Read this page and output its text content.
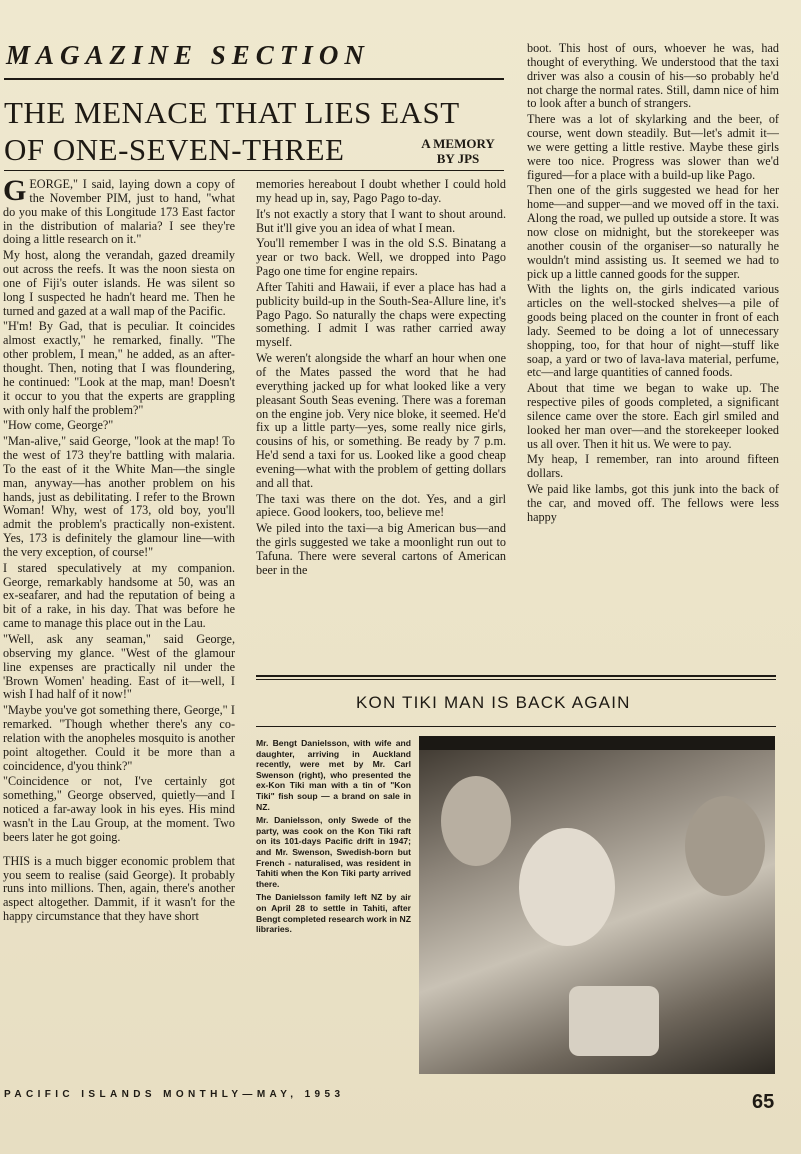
MAGAZINE SECTION
THE MENACE THAT LIES EAST
OF ONE-SEVEN-THREE	A MEMORY
BY JPS

GEORGE," I said, laying down a copy of the November PIM, just to hand, "what do you make of this Longitude 173 East factor in the distribution of malaria? I see they're doing a little research on it."

My host, along the verandah, gazed dreamily out across the reefs. It was the noon siesta on one of Fiji's outer islands. He was silent so long I suspected he hadn't heard me. Then he turned and gazed at a wall map of the Pacific.

"H'm! By Gad, that is peculiar. It coincides almost exactly," he remarked, finally. "The other problem, I mean," he added, as an after-thought. Then, noting that I was floundering, he continued: "Look at the map, man! Doesn't it occur to you that the experts are grappling with only half the problem?"

"How come, George?"

"Man-alive," said George, "look at the map! To the west of 173 they're battling with malaria. To the east of it the White Man—the single man, anyway—has another problem on his hands, just as debilitating. I refer to the Brown Woman! Why, west of 173, old boy, you'll admit the problem's practically non-existent. Yes, 173 is definitely the glamour line—with the very exception, of course!"

I stared speculatively at my companion. George, remarkably handsome at 50, was an ex-seafarer, and had the reputation of being a bit of a rake, in his day. That was before he came to manage this place out in the Lau.

"Well, ask any seaman," said George, observing my glance. "West of the glamour line expenses are practically nil under the 'Brown Women' heading. East of it—well, I wish I had half of it now!"

"Maybe you've got something there, George," I remarked. "Though whether there's any co-relation with the anopheles mosquito is another point altogether. Could it be more than a coincidence, d'you think?"

"Coincidence or not, I've certainly got something," George observed, quietly—and I noticed a far-away look in his eyes. His mind wasn't in the Lau Group, at the moment. Two beers later he got going.

THIS is a much bigger economic problem that you seem to realise (said George). It probably runs into millions. Then, again, there's another aspect altogether. Dammit, if it wasn't for the happy circumstance that they have short

memories hereabout I doubt whether I could hold my head up in, say, Pago Pago to-day.

It's not exactly a story that I want to shout around. But it'll give you an idea of what I mean.

You'll remember I was in the old S.S. Binatang a year or two back. Well, we dropped into Pago Pago one time for engine repairs.

After Tahiti and Hawaii, if ever a place has had a publicity build-up in the South-Sea-Allure line, it's Pago Pago. So naturally the chaps were expecting something. I admit I was rather carried away myself.

We weren't alongside the wharf an hour when one of the Mates passed the word that he had everything jacked up for what looked like a very pleasant South Seas evening. There was a foreman on the engine job. Very nice bloke, it seemed. He'd fix up a little party—yes, some really nice girls, cousins of his, or something. Be ready by 7 p.m. He'd send a taxi for us. Looked like a good cheap evening—what with the problem of getting dollars and all that.

The taxi was there on the dot. Yes, and a girl apiece. Good lookers, too, believe me!

We piled into the taxi—a big American bus—and the girls suggested we take a moonlight run out to Tafuna. There were several cartons of American beer in the

boot. This host of ours, whoever he was, had thought of everything. We understood that the taxi driver was also a cousin of his—so probably he'd not charge the normal rates. Still, damn nice of him to look after a bunch of strangers.

There was a lot of skylarking and the beer, of course, went down steadily. But—let's admit it—we were getting a little restive. Maybe these girls were too nice. Progress was slower than we'd figured—for a place with a build-up like Pago.

Then one of the girls suggested we head for her home—and supper—and we moved off in the taxi. Along the road, we pulled up outside a store. It was now close on midnight, but the storekeeper was another cousin of the organiser—so naturally he wouldn't mind assisting us. It seemed we had to pick up a little canned goods for the supper.

With the lights on, the girls indicated various articles on the well-stocked shelves—a pile of goods being placed on the counter in front of each lady. Seemed to be doing a lot of unnecessary shopping, too, for that hour of night—stuff like soap, a yard or two of lava-lava material, perfume, etc—and large quantities of canned foods.

About that time we began to wake up. The respective piles of goods completed, a significant silence came over the store. Each girl smiled and looked her man over—and the storekeeper looked us all over. Then it hit us. We were to pay.

My heap, I remember, ran into around fifteen dollars.

We paid like lambs, got this junk into the back of the car, and moved off. The fellows were less happy

KON TIKI MAN IS BACK AGAIN

Mr. Bengt Danielsson, with wife and daughter, arriving in Auckland recently, were met by Mr. Carl Swenson (right), who presented the ex-Kon Tiki man with a tin of "Kon Tiki" fish soup — a brand on sale in NZ.

Mr. Danielsson, only Swede of the party, was cook on the Kon Tiki raft on its 101-days Pacific drift in 1947; and Mr. Swenson, Swedish-born but French - naturalised, was resident in Tahiti when the Kon Tiki party arrived there.

The Danielsson family left NZ by air on April 28 to settle in Tahiti, after Bengt completed research work in NZ libraries.

PACIFIC ISLANDS MONTHLY—MAY, 1953	65
